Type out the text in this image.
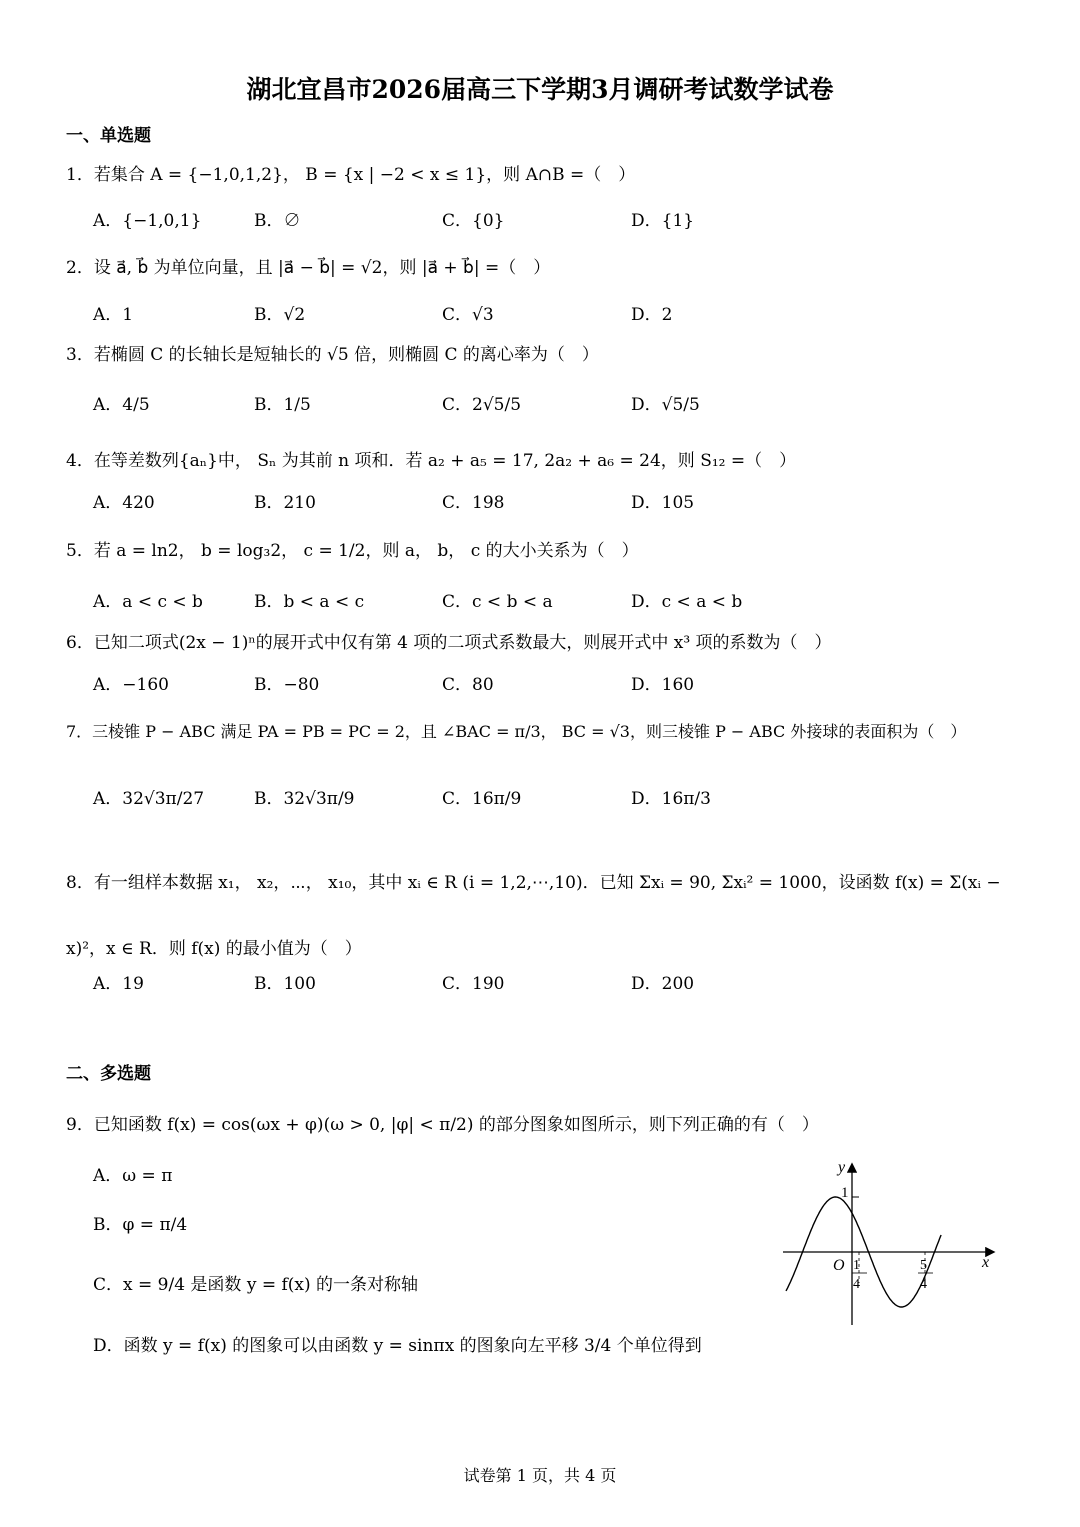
湖北宜昌市2026届高三下学期3月调研考试数学试卷
一、单选题
1．若集合 A = {−1,0,1,2}， B = {x | −2 < x ≤ 1}，则 A∩B =（　）
A．{−1,0,1}	B．∅	C．{0}	D．{1}
2．设 a⃗, b⃗ 为单位向量，且 |a⃗ − b⃗| = √2，则 |a⃗ + b⃗| =（　）
A．1	B．√2	C．√3	D．2
3．若椭圆 C 的长轴长是短轴长的 √5 倍，则椭圆 C 的离心率为（　）
A．4/5	B．1/5	C．2√5/5	D．√5/5
4．在等差数列{aₙ}中， Sₙ 为其前 n 项和．若 a₂ + a₅ = 17, 2a₂ + a₆ = 24，则 S₁₂ =（　）
A．420	B．210	C．198	D．105
5．若 a = ln2， b = log₃2， c = 1/2，则 a， b， c 的大小关系为（　）
A．a < c < b	B．b < a < c	C．c < b < a	D．c < a < b
6．已知二项式(2x − 1)ⁿ的展开式中仅有第 4 项的二项式系数最大，则展开式中 x³ 项的系数为（　）
A．−160	B．−80	C．80	D．160
7．三棱锥 P − ABC 满足 PA = PB = PC = 2，且 ∠BAC = π/3， BC = √3，则三棱锥 P − ABC 外接球的表面积为（　）
A．32√3π/27	B．32√3π/9	C．16π/9	D．16π/3
8．有一组样本数据 x₁， x₂，⋯， x₁₀，其中 xᵢ ∈ R (i = 1,2,⋯,10)．已知 Σxᵢ = 90, Σxᵢ² = 1000，设函数 f(x) = Σ(xᵢ − x)²，x ∈ R．则 f(x) 的最小值为（　）
A．19	B．100	C．190	D．200
二、多选题
9．已知函数 f(x) = cos(ωx + φ)(ω > 0, |φ| < π/2) 的部分图象如图所示，则下列正确的有（　）
A．ω = π
B．φ = π/4
C．x = 9/4 是函数 y = f(x) 的一条对称轴
D．函数 y = f(x) 的图象可以由函数 y = sinπx 的图象向左平移 3/4 个单位得到
y
x
O
1
1
4
5
4
试卷第 1 页，共 4 页
